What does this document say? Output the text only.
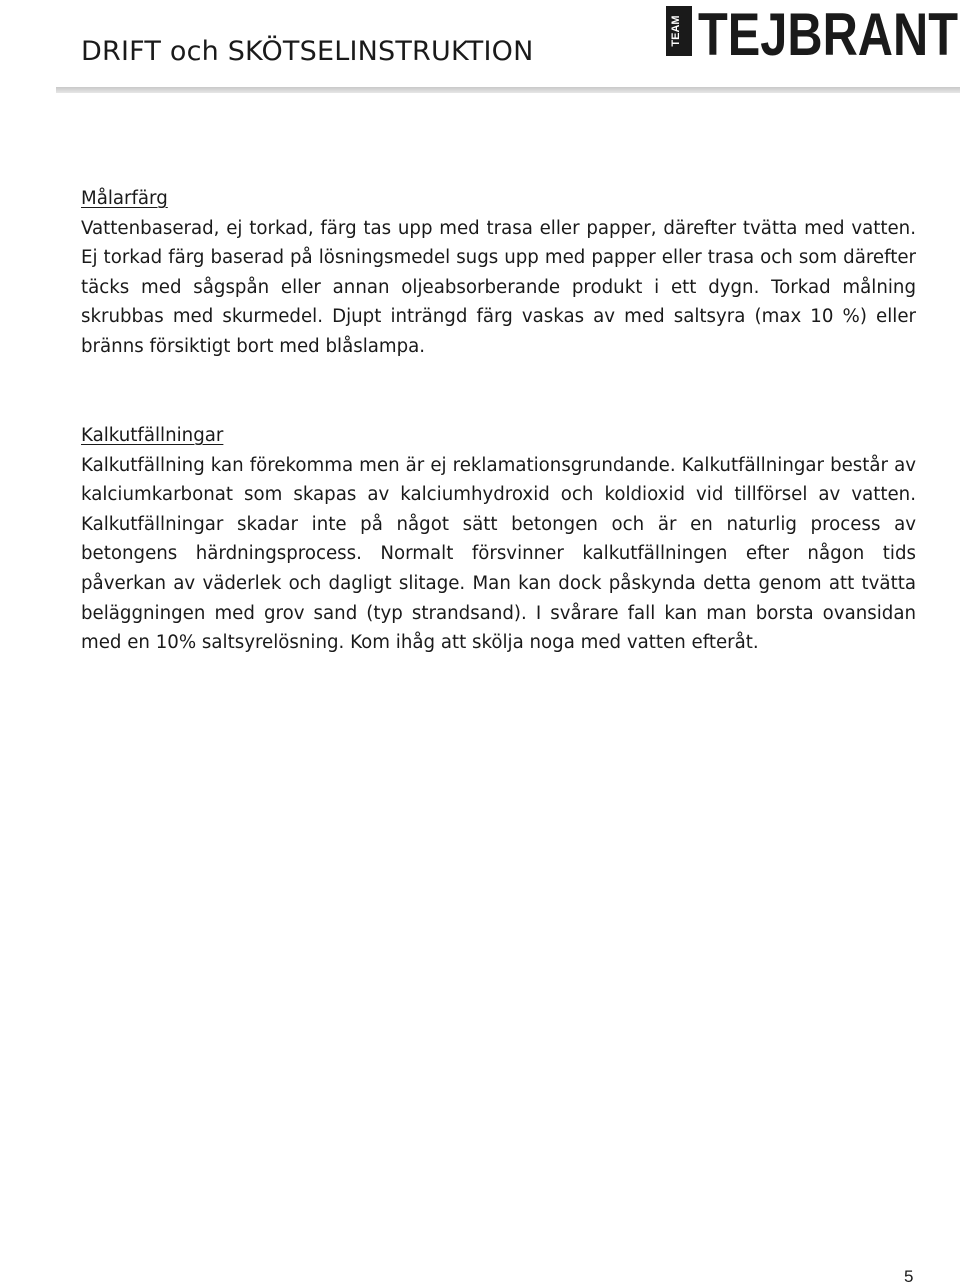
DRIFT och SKÖTSELINSTRUKTION
TEAM TEJBRANT
Målarfärg

Vattenbaserad, ej torkad, färg tas upp med trasa eller papper, därefter tvätta med vatten. Ej torkad färg baserad på lösningsmedel sugs upp med papper eller trasa och som därefter täcks med sågspån eller annan oljeabsorberande produkt i ett dygn. Torkad målning skrubbas med skurmedel. Djupt inträngd färg vaskas av med saltsyra (max 10 %) eller bränns försiktigt bort med blåslampa.

Kalkutfällningar

Kalkutfällning kan förekomma men är ej reklamationsgrundande. Kalkutfällningar består av kalciumkarbonat som skapas av kalciumhydroxid och koldioxid vid tillförsel av vatten. Kalkutfällningar skadar inte på något sätt betongen och är en naturlig process av betongens härdningsprocess. Normalt försvinner kalkutfällningen efter någon tids påverkan av väderlek och dagligt slitage. Man kan dock påskynda detta genom att tvätta beläggningen med grov sand (typ strandsand). I svårare fall kan man borsta ovansidan med en 10% saltsyrelösning. Kom ihåg att skölja noga med vatten efteråt.

5
